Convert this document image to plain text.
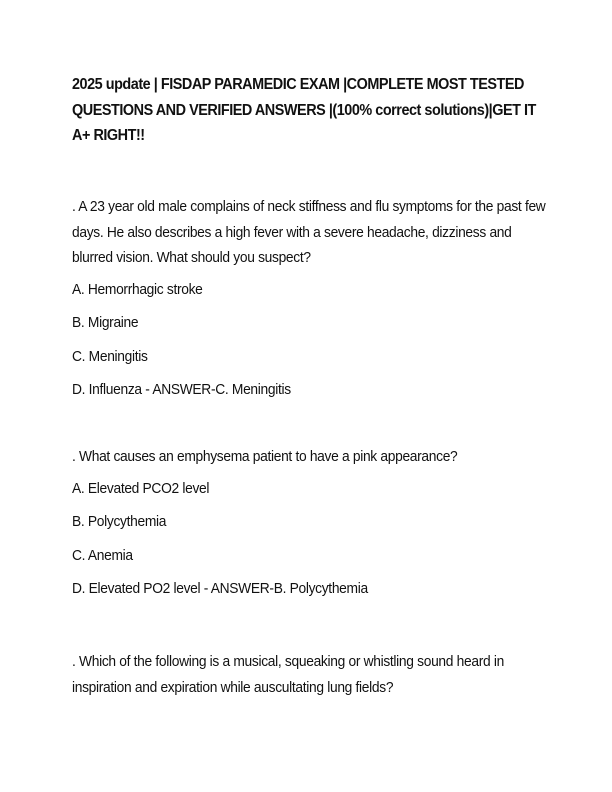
2025 update | FISDAP PARAMEDIC EXAM |COMPLETE MOST TESTED QUESTIONS AND VERIFIED ANSWERS |(100% correct solutions)|GET IT A+ RIGHT!!

. A 23 year old male complains of neck stiffness and flu symptoms for the past few days. He also describes a high fever with a severe headache, dizziness and blurred vision. What should you suspect?

A. Hemorrhagic stroke

B. Migraine

C. Meningitis

D. Influenza - ANSWER-C. Meningitis

. What causes an emphysema patient to have a pink appearance?

A. Elevated PCO2 level

B. Polycythemia

C. Anemia

D. Elevated PO2 level - ANSWER-B. Polycythemia

. Which of the following is a musical, squeaking or whistling sound heard in inspiration and expiration while auscultating lung fields?
